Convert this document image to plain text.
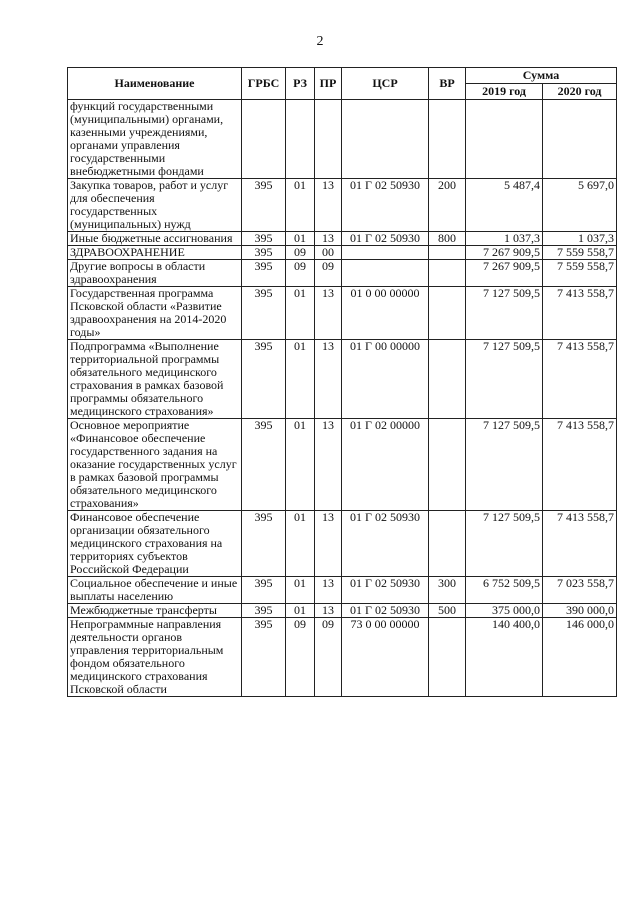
2
Наименование	ГРБС	РЗ	ПР	ЦСР	ВР	Сумма	
						2019 год	2020 год
функций государственными (муниципальными) органами, казенными учреждениями, органами управления государственными внебюджетными фондами							
Закупка товаров, работ и услуг для обеспечения государственных (муниципальных) нужд	395	01	13	01 Г 02 50930	200	5 487,4	5 697,0
Иные бюджетные ассигнования	395	01	13	01 Г 02 50930	800	1 037,3	1 037,3
ЗДРАВООХРАНЕНИЕ	395	09	00			7 267 909,5	7 559 558,7
Другие вопросы в области здравоохранения	395	09	09			7 267 909,5	7 559 558,7
Государственная программа Псковской области «Развитие здравоохранения на 2014-2020 годы»	395	01	13	01 0 00 00000		7 127 509,5	7 413 558,7
Подпрограмма «Выполнение территориальной программы обязательного медицинского страхования в рамках базовой программы обязательного медицинского страхования»	395	01	13	01 Г 00 00000		7 127 509,5	7 413 558,7
Основное мероприятие «Финансовое обеспечение государственного задания на оказание государственных услуг в рамках базовой программы обязательного медицинского страхования»	395	01	13	01 Г 02 00000		7 127 509,5	7 413 558,7
Финансовое обеспечение организации обязательного медицинского страхования на территориях субъектов Российской Федерации	395	01	13	01 Г 02 50930		7 127 509,5	7 413 558,7
Социальное обеспечение и иные выплаты населению	395	01	13	01 Г 02 50930	300	6 752 509,5	7 023 558,7
Межбюджетные трансферты	395	01	13	01 Г 02 50930	500	375 000,0	390 000,0
Непрограммные направления деятельности органов управления территориальным фондом обязательного медицинского страхования Псковской области	395	09	09	73 0 00 00000		140 400,0	146 000,0
